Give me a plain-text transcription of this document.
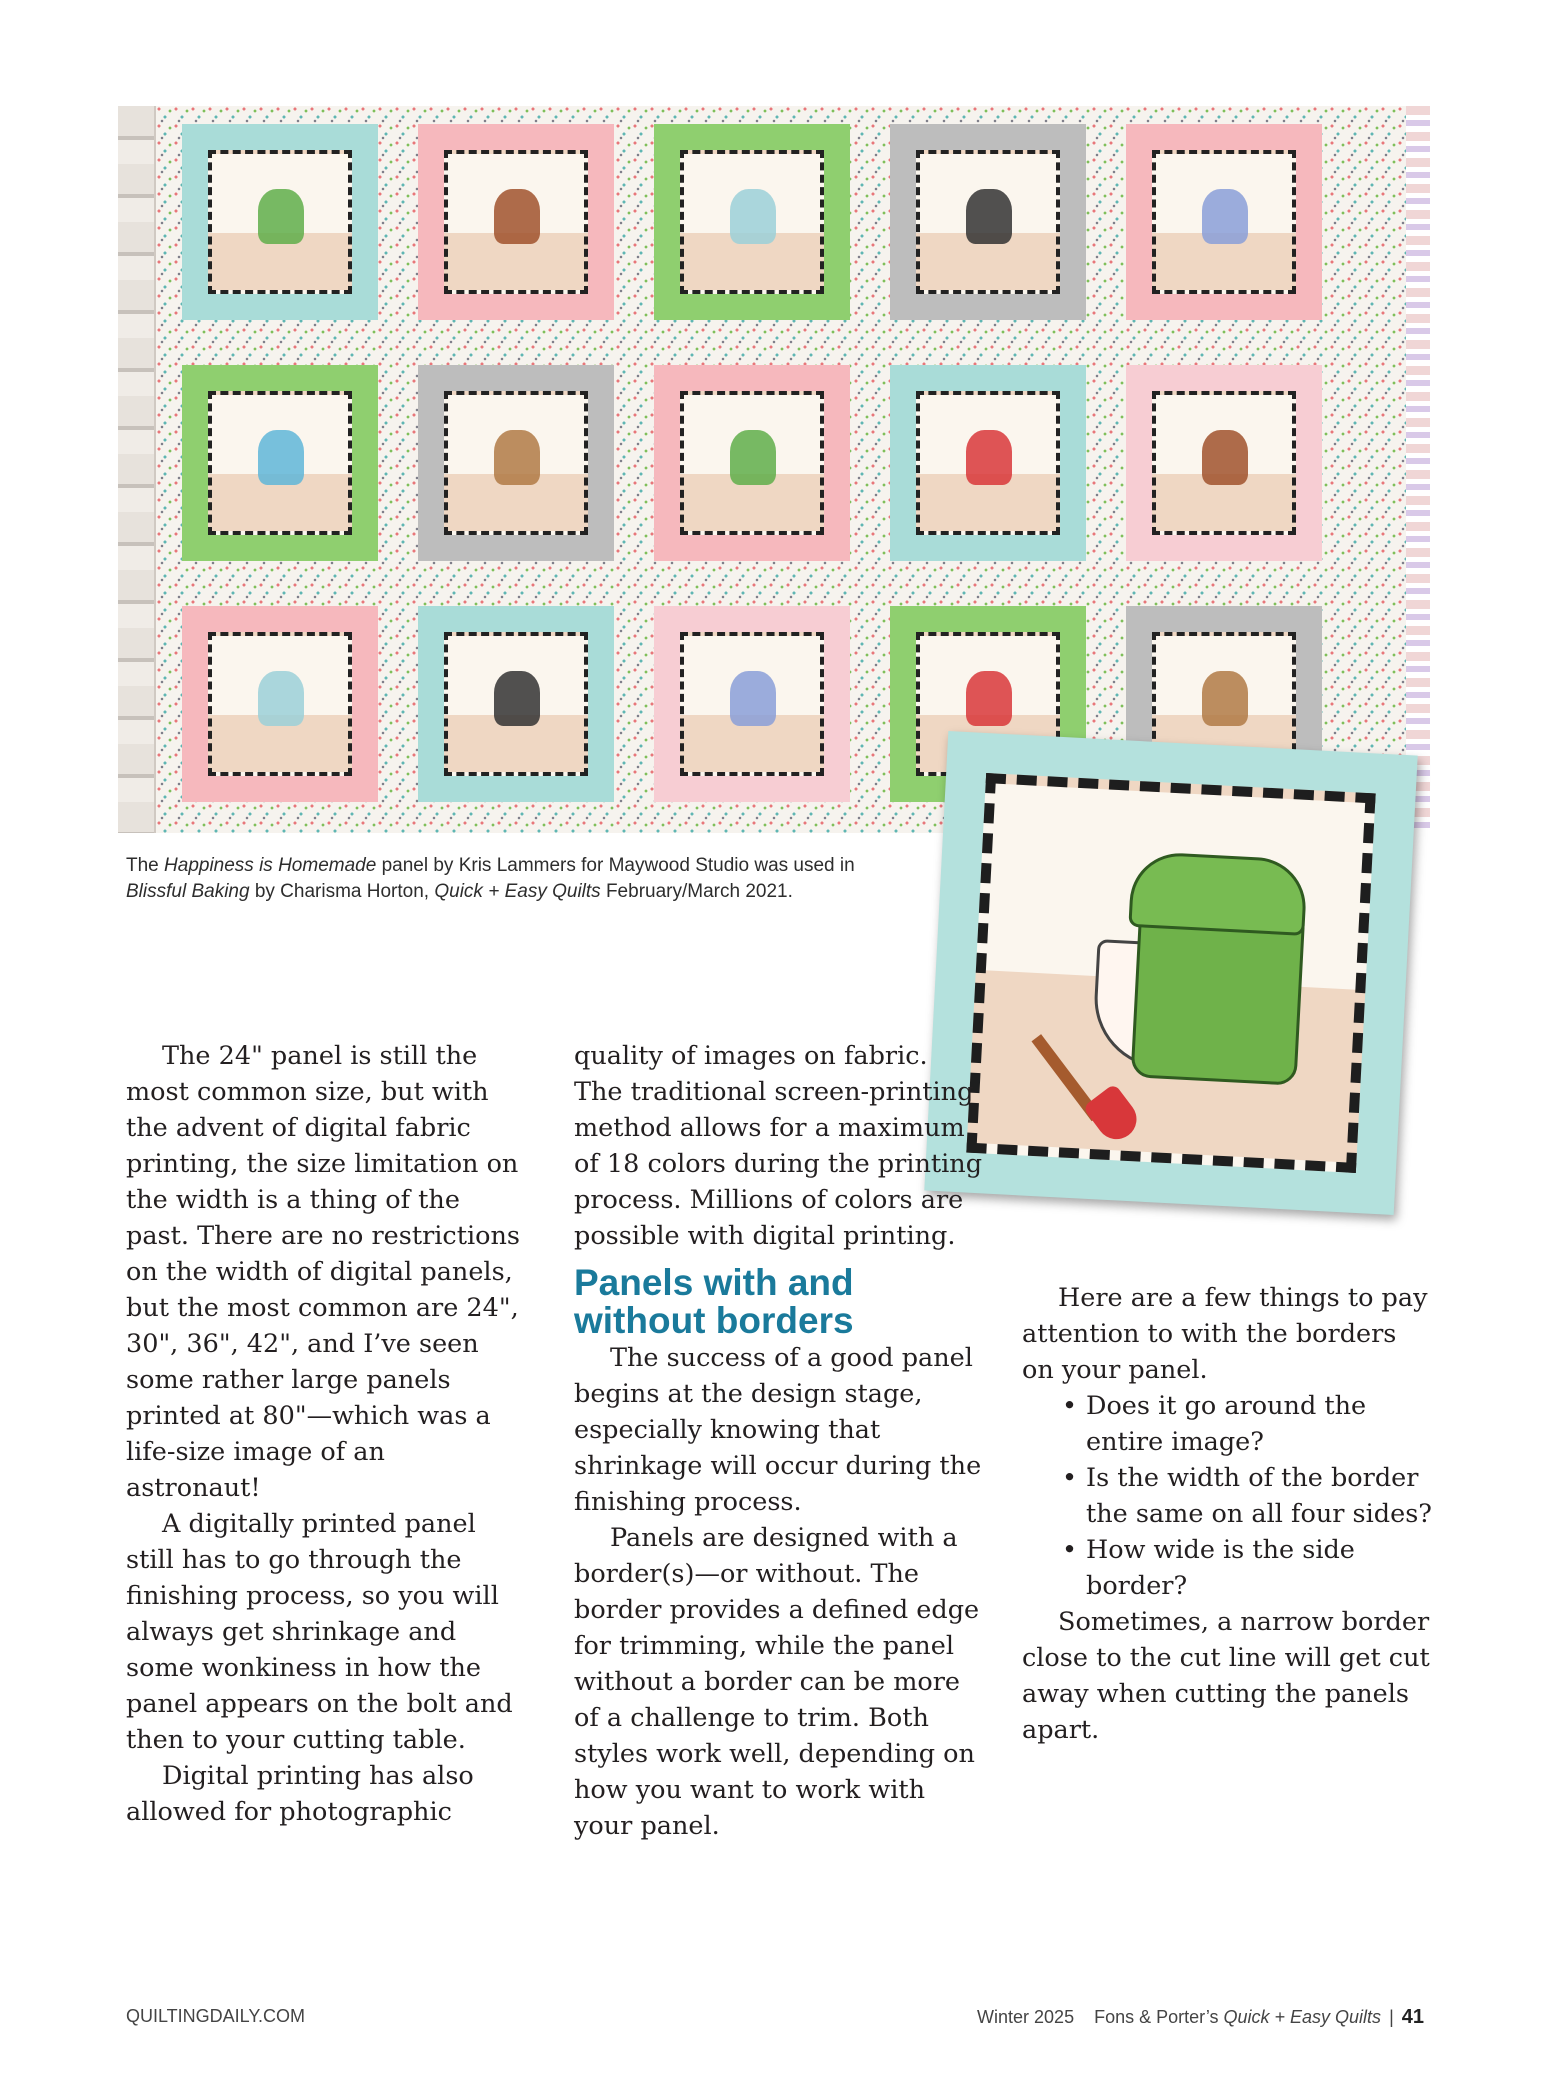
The Happiness is Homemade panel by Kris Lammers for Maywood Studio was used in Blissful Baking by Charisma Horton, Quick + Easy Quilts February/March 2021.

The 24" panel is still the most common size, but with the advent of digital fabric printing, the size limitation on the width is a thing of the past. There are no restrictions on the width of digital panels, but the most common are 24", 30", 36", 42", and I’ve seen some rather large panels printed at 80"—which was a life-size image of an astronaut!

A digitally printed panel still has to go through the finishing process, so you will always get shrinkage and some wonkiness in how the panel appears on the bolt and then to your cutting table.

Digital printing has also allowed for photographic

quality of images on fabric. The traditional screen-printing method allows for a maximum of 18 colors during the printing process. Millions of colors are possible with digital printing.

Panels with and without borders

The success of a good panel begins at the design stage, especially knowing that shrinkage will occur during the finishing process.

Panels are designed with a border(s)—or without. The border provides a defined edge for trimming, while the panel without a border can be more of a challenge to trim. Both styles work well, depending on how you want to work with your panel.

Here are a few things to pay attention to with the borders on your panel.

• Does it go around the entire image?
• Is the width of the border the same on all four sides?
• How wide is the side border?

Sometimes, a narrow border close to the cut line will get cut away when cutting the panels apart.

QUILTINGDAILY.COM	Winter 2025 Fons & Porter’s Quick + Easy Quilts | 41
